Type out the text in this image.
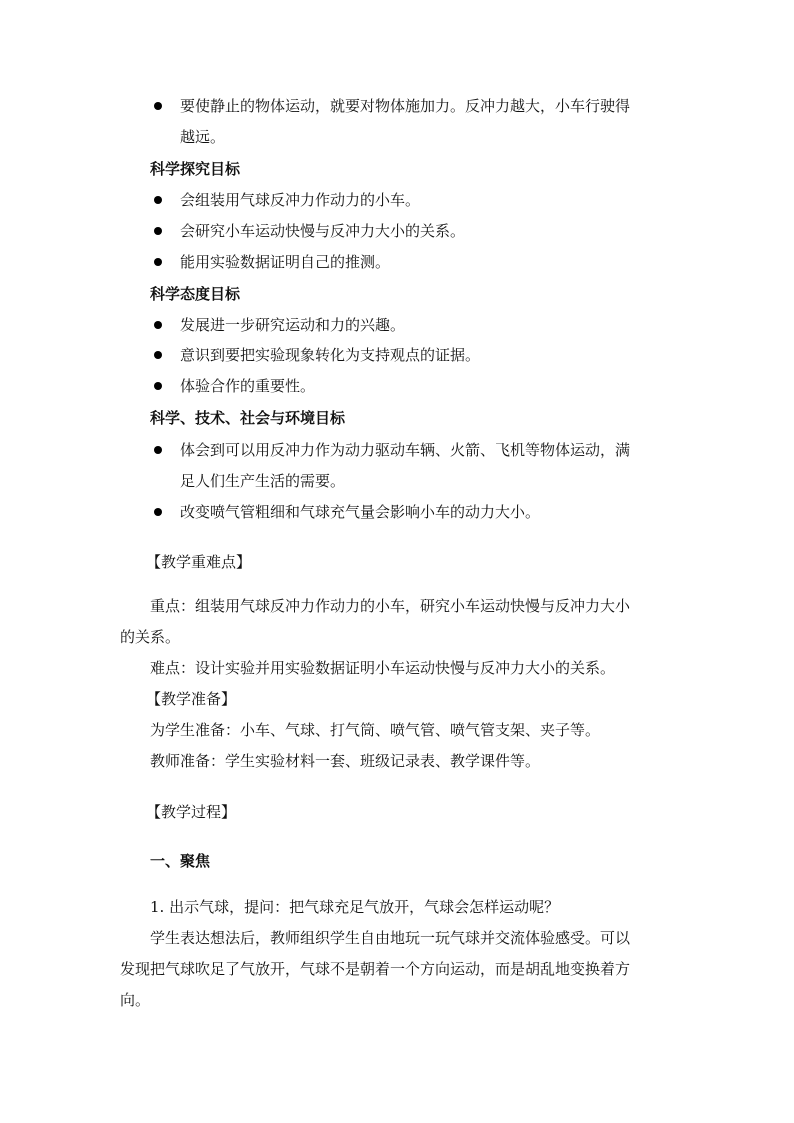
要使静止的物体运动，就要对物体施加力。反冲力越大，小车行驶得
越远。
科学探究目标
会组装用气球反冲力作动力的小车。
会研究小车运动快慢与反冲力大小的关系。
能用实验数据证明自己的推测。
科学态度目标
发展进一步研究运动和力的兴趣。
意识到要把实验现象转化为支持观点的证据。
体验合作的重要性。
科学、技术、社会与环境目标
体会到可以用反冲力作为动力驱动车辆、火箭、飞机等物体运动，满
足人们生产生活的需要。
改变喷气管粗细和气球充气量会影响小车的动力大小。
【教学重难点】
重点：组装用气球反冲力作动力的小车，研究小车运动快慢与反冲力大小
的关系。
难点：设计实验并用实验数据证明小车运动快慢与反冲力大小的关系。
【教学准备】
为学生准备：小车、气球、打气筒、喷气管、喷气管支架、夹子等。
教师准备：学生实验材料一套、班级记录表、教学课件等。
【教学过程】
一、聚焦
1. 出示气球，提问：把气球充足气放开，气球会怎样运动呢？
学生表达想法后，教师组织学生自由地玩一玩气球并交流体验感受。可以
发现把气球吹足了气放开，气球不是朝着一个方向运动，而是胡乱地变换着方
向。
